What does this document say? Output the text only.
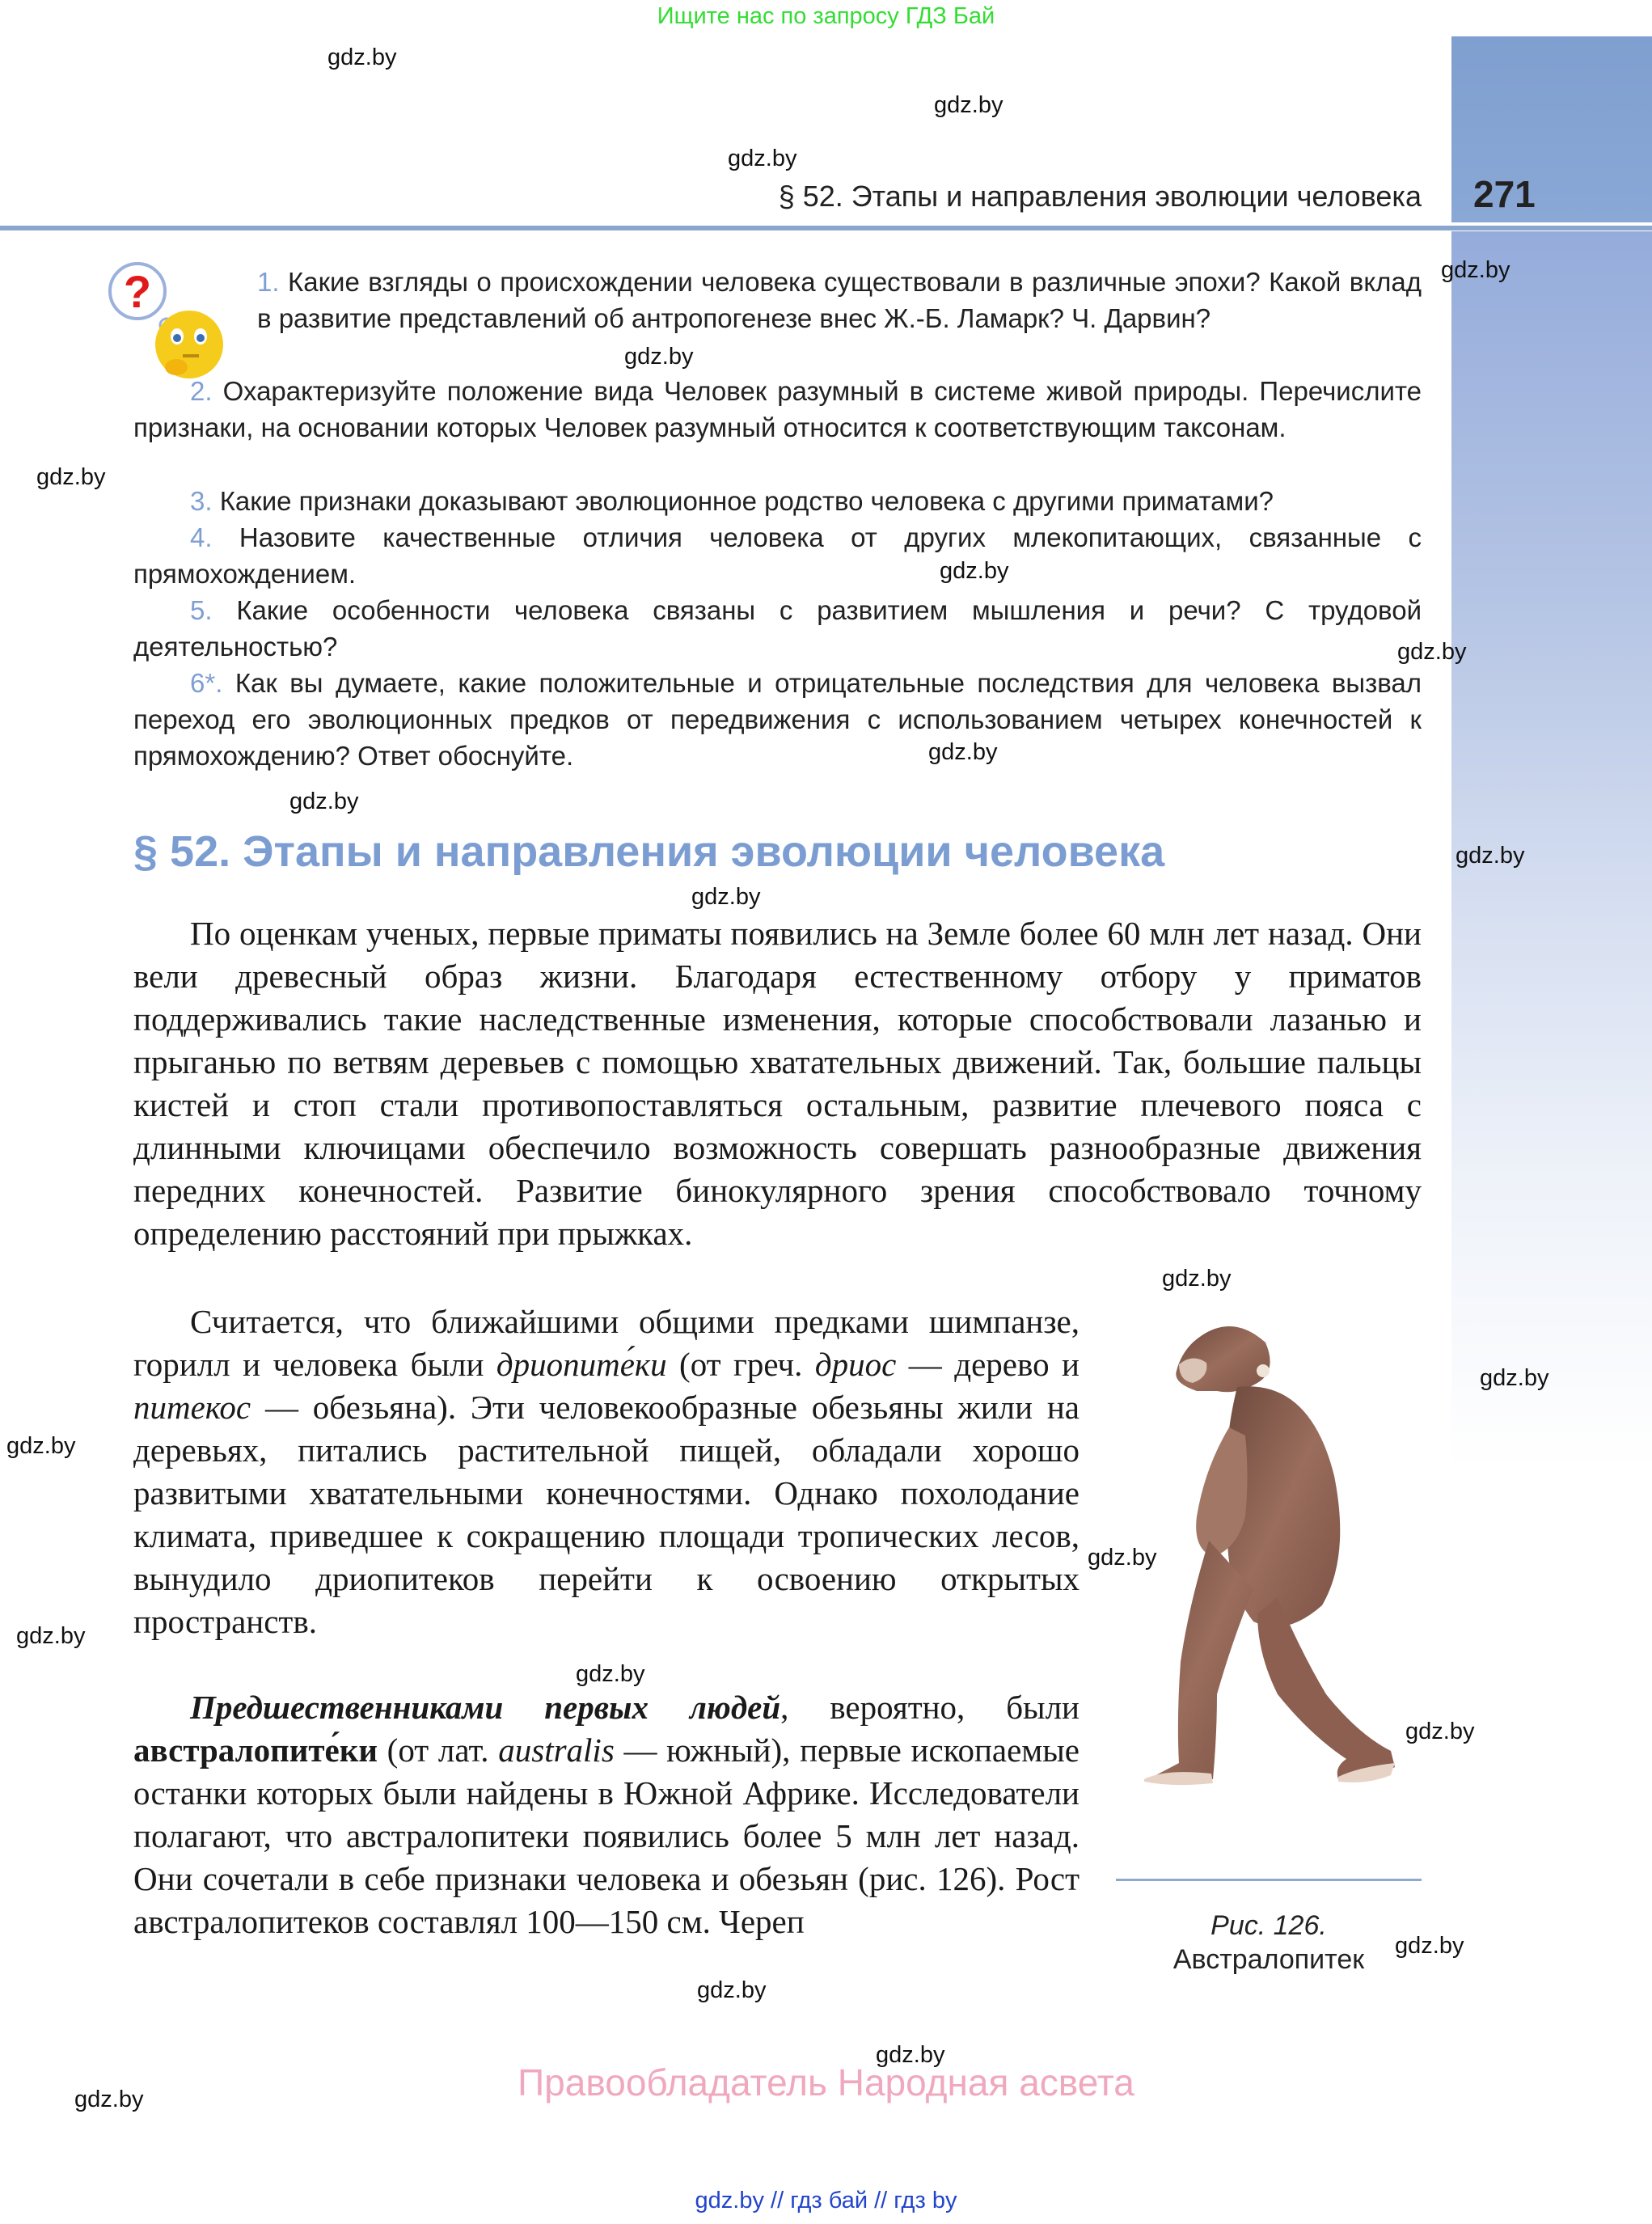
Ищите нас по запросу ГДЗ Бай
§ 52. Этапы и направления эволюции человека 271
?	1. Какие взгляды о происхождении человека существовали в различные эпохи? Какой вклад в развитие представлений об антропогенезе внес Ж.-Б. Ламарк? Ч. Дарвин?
2. Охарактеризуйте положение вида Человек разумный в системе живой природы. Перечислите признаки, на основании которых Человек разумный относится к соответствующим таксонам.
3. Какие признаки доказывают эволюционное родство человека с другими приматами?
4. Назовите качественные отличия человека от других млекопитающих, связанные с прямохождением.
5. Какие особенности человека связаны с развитием мышления и речи? С трудовой деятельностью?
6*. Как вы думаете, какие положительные и отрицательные последствия для человека вызвал переход его эволюционных предков от передвижения с использованием четырех конечностей к прямохождению? Ответ обоснуйте.
§ 52. Этапы и направления эволюции человека

По оценкам ученых, первые приматы появились на Земле более 60 млн лет назад. Они вели древесный образ жизни. Благодаря естественному отбору у приматов поддерживались такие наследственные изменения, которые способствовали лазанью и прыганью по ветвям деревьев с помощью хватательных движений. Так, большие пальцы кистей и стоп стали противопоставляться остальным, развитие плечевого пояса с длинными ключицами обеспечило возможность совершать разнообразные движения передних конечностей. Развитие бинокулярного зрения способствовало точному определению расстояний при прыжках.

Считается, что ближайшими общими предками шимпанзе, горилл и человека были дриопите́ки (от греч. дриос — дерево и питекос — обезьяна). Эти человекообразные обезьяны жили на деревьях, питались растительной пищей, обладали хорошо развитыми хватательными конечностями. Однако похолодание климата, приведшее к сокращению площади тропических лесов, вынудило дриопитеков перейти к освоению открытых пространств.

Предшественниками первых людей, вероятно, были австралопите́ки (от лат. australis — южный), первые ископаемые останки которых были найдены в Южной Африке. Исследователи полагают, что австралопитеки появились более 5 млн лет назад. Они сочетали в себе признаки человека и обезьян (рис. 126). Рост австралопитеков составлял 100—150 см. Череп	Рис. 126.
Австралопитек
gdz.by
gdz.by
gdz.by
gdz.by
gdz.by
gdz.by
gdz.by
gdz.by
gdz.by
gdz.by
gdz.by
gdz.by
gdz.by
gdz.by
gdz.by
gdz.by
gdz.by
gdz.by
gdz.by
gdz.by
gdz.by
gdz.by
gdz.by	Правообладатель Народная асвета
gdz.by // гдз бай // гдз by
